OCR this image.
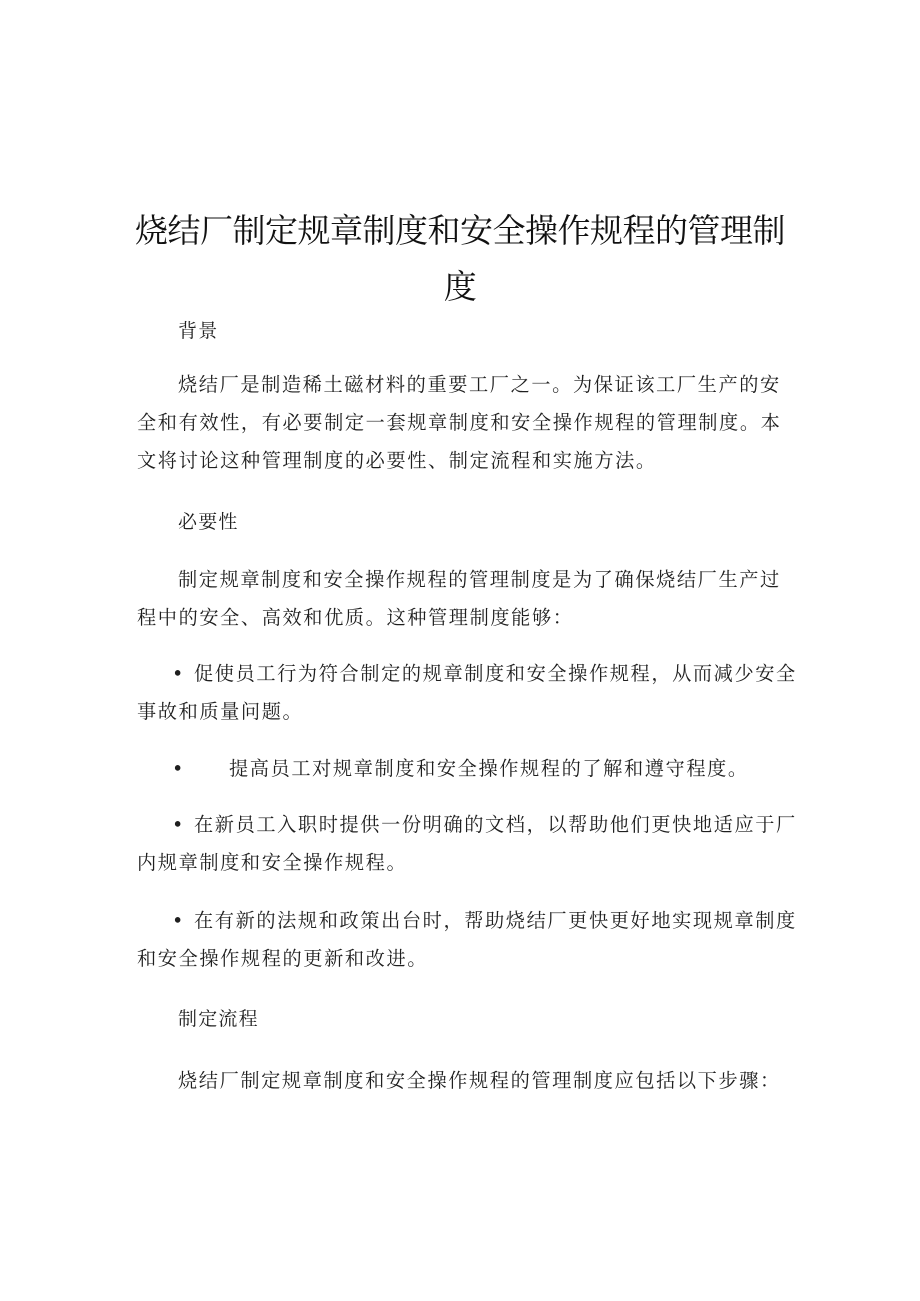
烧结厂制定规章制度和安全操作规程的管理制度
背景
烧结厂是制造稀土磁材料的重要工厂之一。为保证该工厂生产的安全和有效性，有必要制定一套规章制度和安全操作规程的管理制度。本文将讨论这种管理制度的必要性、制定流程和实施方法。
必要性
制定规章制度和安全操作规程的管理制度是为了确保烧结厂生产过程中的安全、高效和优质。这种管理制度能够：
• 促使员工行为符合制定的规章制度和安全操作规程，从而减少安全事故和质量问题。
• 提高员工对规章制度和安全操作规程的了解和遵守程度。
• 在新员工入职时提供一份明确的文档，以帮助他们更快地适应于厂内规章制度和安全操作规程。
• 在有新的法规和政策出台时，帮助烧结厂更快更好地实现规章制度和安全操作规程的更新和改进。
制定流程
烧结厂制定规章制度和安全操作规程的管理制度应包括以下步骤：
